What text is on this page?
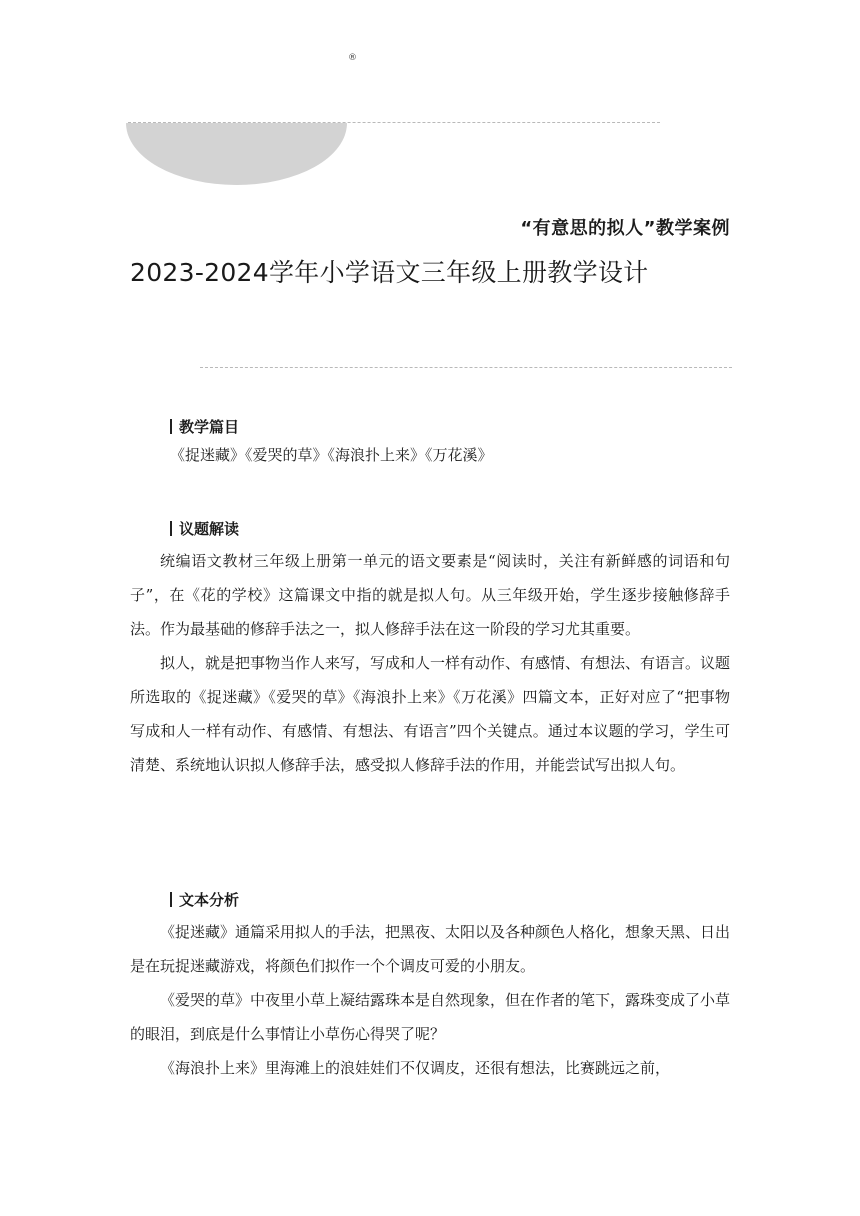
®
“有意思的拟人”教学案例
2023-2024学年小学语文三年级上册教学设计
教学篇目

《捉迷藏》《爱哭的草》《海浪扑上来》《万花溪》

议题解读

统编语文教材三年级上册第一单元的语文要素是“阅读时，关注有新鲜感的词语和句子”，在《花的学校》这篇课文中指的就是拟人句。从三年级开始，学生逐步接触修辞手法。作为最基础的修辞手法之一，拟人修辞手法在这一阶段的学习尤其重要。

拟人，就是把事物当作人来写，写成和人一样有动作、有感情、有想法、有语言。议题所选取的《捉迷藏》《爱哭的草》《海浪扑上来》《万花溪》四篇文本，正好对应了“把事物写成和人一样有动作、有感情、有想法、有语言”四个关键点。通过本议题的学习，学生可清楚、系统地认识拟人修辞手法，感受拟人修辞手法的作用，并能尝试写出拟人句。

文本分析

《捉迷藏》通篇采用拟人的手法，把黑夜、太阳以及各种颜色人格化，想象天黑、日出是在玩捉迷藏游戏，将颜色们拟作一个个调皮可爱的小朋友。

《爱哭的草》中夜里小草上凝结露珠本是自然现象，但在作者的笔下，露珠变成了小草的眼泪，到底是什么事情让小草伤心得哭了呢？

《海浪扑上来》里海滩上的浪娃娃们不仅调皮，还很有想法，比赛跳远之前，
